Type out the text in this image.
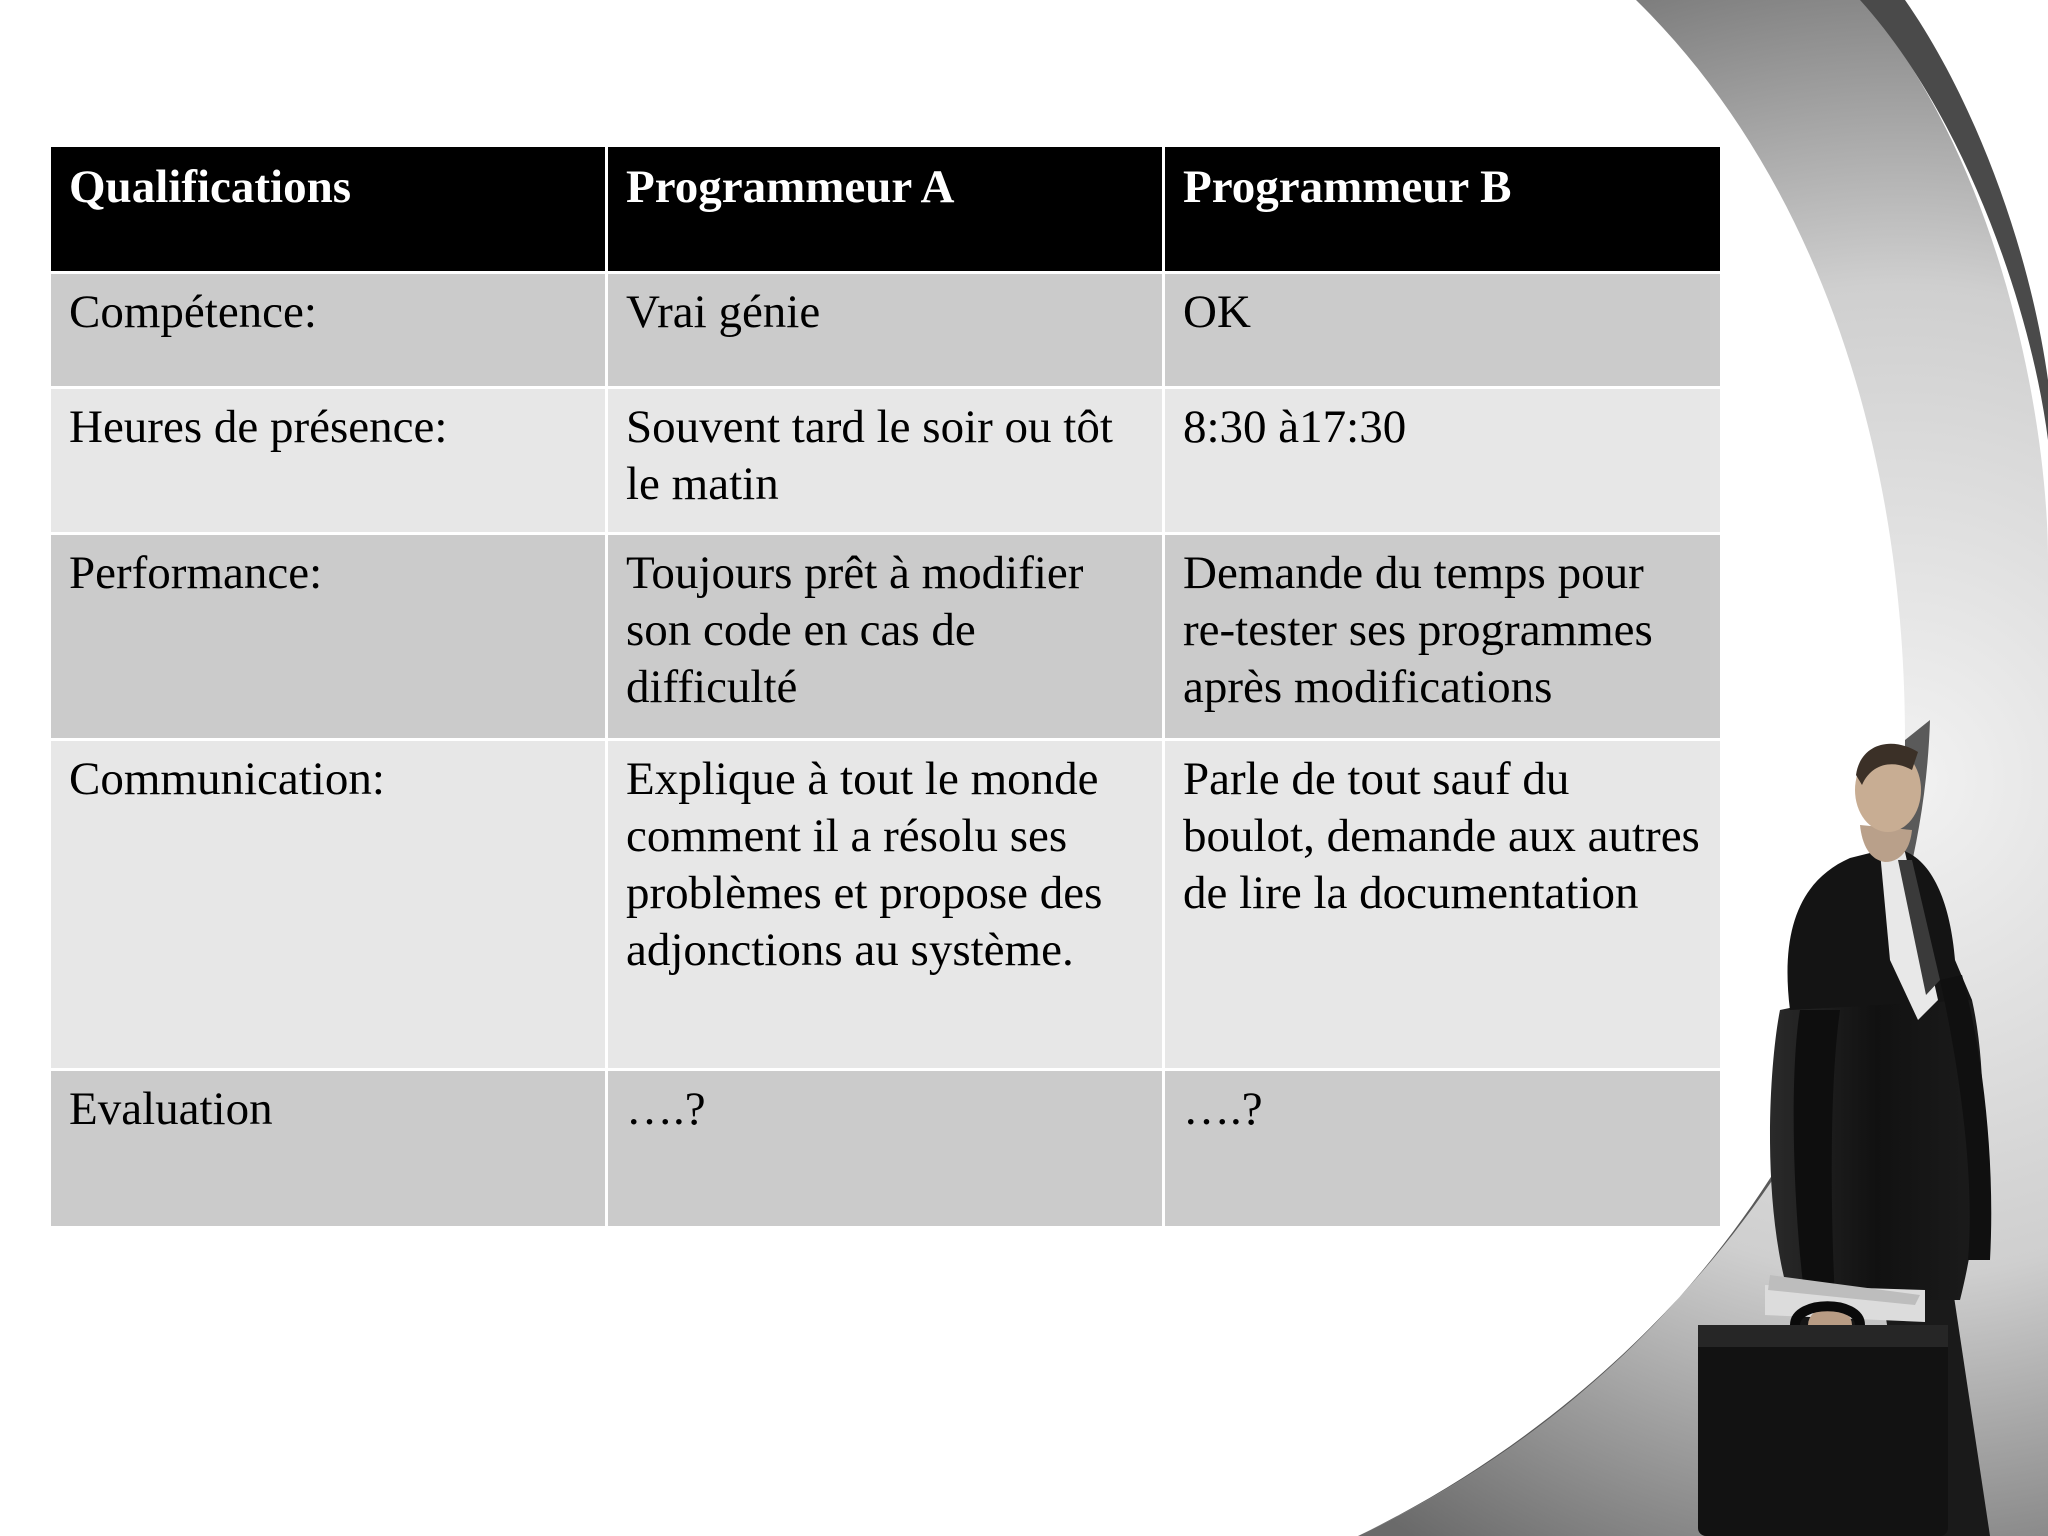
Qualifications	Programmeur A	Programmeur B
Compétence:	Vrai génie	OK
Heures de présence:	Souvent tard le soir ou tôt le matin	8:30 à17:30
Performance:	Toujours prêt à modifier son code en cas de difficulté	Demande du temps pour re-tester ses programmes après modifications
Communication:	Explique à tout le monde comment il a résolu ses problèmes et propose des adjonctions au système.	Parle de tout sauf du boulot, demande aux autres de lire la documentation
Evaluation	….?	….?
